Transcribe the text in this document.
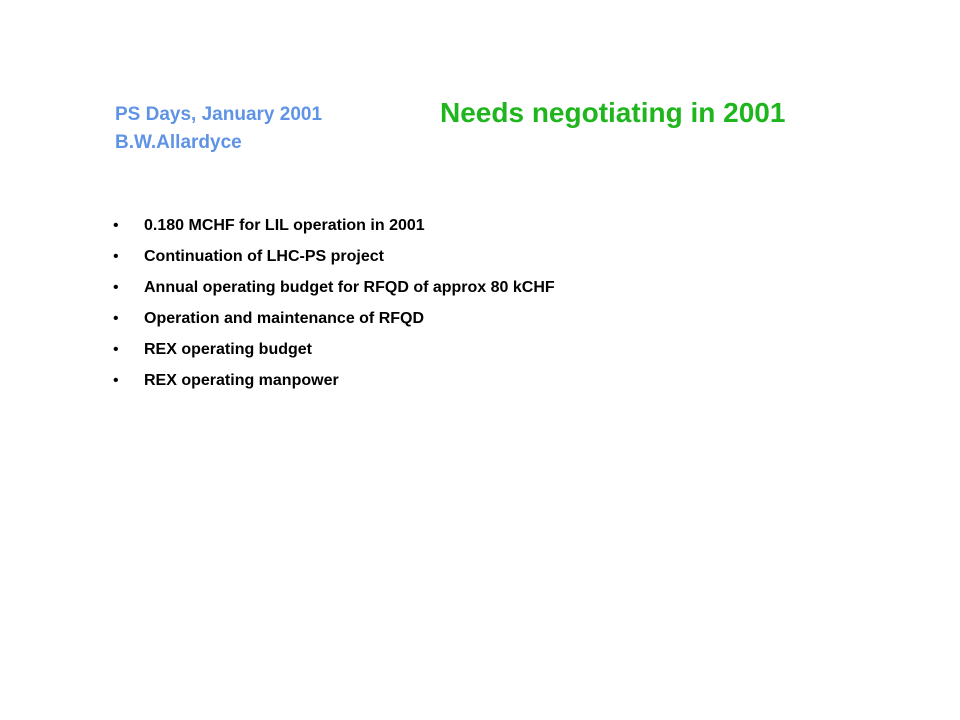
PS Days, January 2001
B.W.Allardyce
Needs negotiating in 2001
• 0.180 MCHF for LIL operation in 2001
• Continuation of LHC-PS project
• Annual operating budget for RFQD of approx 80 kCHF
• Operation and maintenance of RFQD
• REX operating budget
• REX operating manpower
